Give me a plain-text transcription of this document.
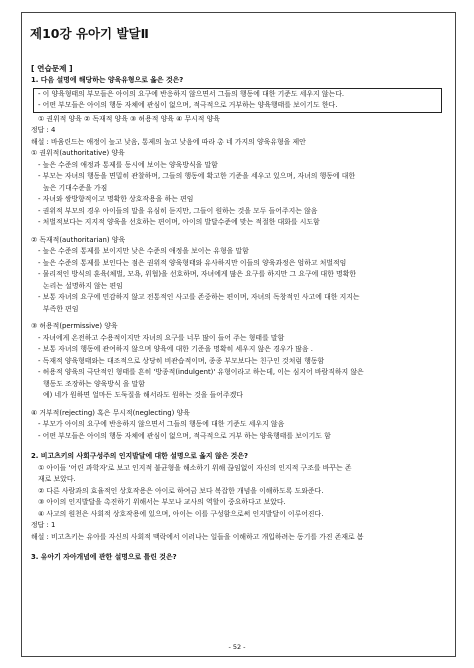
제10강 유아기 발달Ⅱ
[ 연습문제 ]
1. 다음 설명에 해당하는 양육유형으로 옳은 것은?
- 이 양육형태의 부모들은 아이의 요구에 반응하지 않으면서 그들의 행동에 대한 기준도 세우지 않는다.
- 어떤 부모들은 아이의 행동 자체에 관심이 없으며, 적극적으로 거부하는 양육행태를 보이기도 한다.
① 권위적 양육 ② 독재적 양육 ③ 허용적 양육 ④ 무시적 양육
정답 : 4
해설 : 바움린드는 애정이 높고 낮음, 통제의 높고 낮음에 따라 총 네 가지의 양육유형을 제안
① 권위적(authoritative) 양육
- 높은 수준의 애정과 통제를 동시에 보이는 양육방식을 말함
- 부모는 자녀의 행동을 면밀히 관찰하며, 그들의 행동에 확고한 기준을 세우고 있으며, 자녀의 행동에 대한
높은 기대수준을 가짐
- 자녀와 쌍방향적이고 명확한 상호작용을 하는 편임
- 권위적 부모의 경우 아이들의 말을 유심히 듣지만, 그들이 원하는 것을 모두 들어주지는 않음
- 처벌적보다는 지지적 양육을 선호하는 편이며, 아이의 발달수준에 맞는 적절한 대화를 시도함
② 독재적(authoritarian) 양육
- 높은 수준의 통제를 보이지만 낮은 수준의 애정을 보이는 유형을 말함
- 높은 수준의 통제를 보인다는 점은 권위적 양육형태와 유사하지만 이들의 양육과정은 엄하고 처벌적임
- 물리적인 방식의 훈육(체벌, 모욕, 위협)을 선호하며, 자녀에게 많은 요구를 하지만 그 요구에 대한 명확한
논리는 설명하지 않는 편임
- 보통 자녀의 요구에 민감하지 않고 전통적인 사고를 존중하는 편이며, 자녀의 독창적인 사고에 대한 지지는
부족한 편임
③ 허용적(permissive) 양육
- 자녀에게 온전하고 수용적이지만 자녀의 요구를 너무 많이 들어 주는 형태를 말함
- 보통 자녀의 행동에 관여하지 않으며 양육에 대한 기준을 명확히 세우지 않은 경우가 많음 .
- 독재적 양육형태와는 대조적으로 상당히 비관습적이며, 종종 부모보다는 친구인 것처럼 행동함
- 허용적 양육의 극단적인 형태를 흔히 '방종적(indulgent)' 유형이라고 하는데, 이는 심지어 바람직하지 않은
행동도 조장하는 양육방식 을 말함
예) 네가 원하면 얼마든 도둑질을 해서라도 원하는 것을 들어주겠다
④ 거부적(rejecting) 혹은 무시적(neglecting) 양육
- 부모가 아이의 요구에 반응하지 않으면서 그들의 행동에 대한 기준도 세우지 않음
- 어떤 부모들은 아이의 행동 자체에 관심이 없으며, 적극적으로 거부 하는 양육행태를 보이기도 함
2. 비고츠키의 사회구성주의 인지발달에 대한 설명으로 옳지 않은 것은?
① 아이들 '어린 과학자'로 보고 인지적 불균형을 해소하기 위해 끊임없이 자신의 인지적 구조를 바꾸는 존
재로 보았다.
② 다른 사람과의 효율적인 상호작용은 아이로 하여금 보다 복잡한 개념을 이해하도록 도와준다.
③ 아이의 인지발달을 촉진하기 위해서는 부모나 교사의 역할이 중요하다고 보았다.
④ 사고의 원천은 사회적 상호작용에 있으며, 아이는 이를 구성함으로써 인지발달이 이루어진다.
정답 : 1
해설 : 비고츠키는 유아를 자신의 사회적 맥락에서 이러나는 일들을 이해하고 개입하려는 동기를 가진 존재로 봄
3. 유아기 자아개념에 관한 설명으로 틀린 것은?
- 52 -
